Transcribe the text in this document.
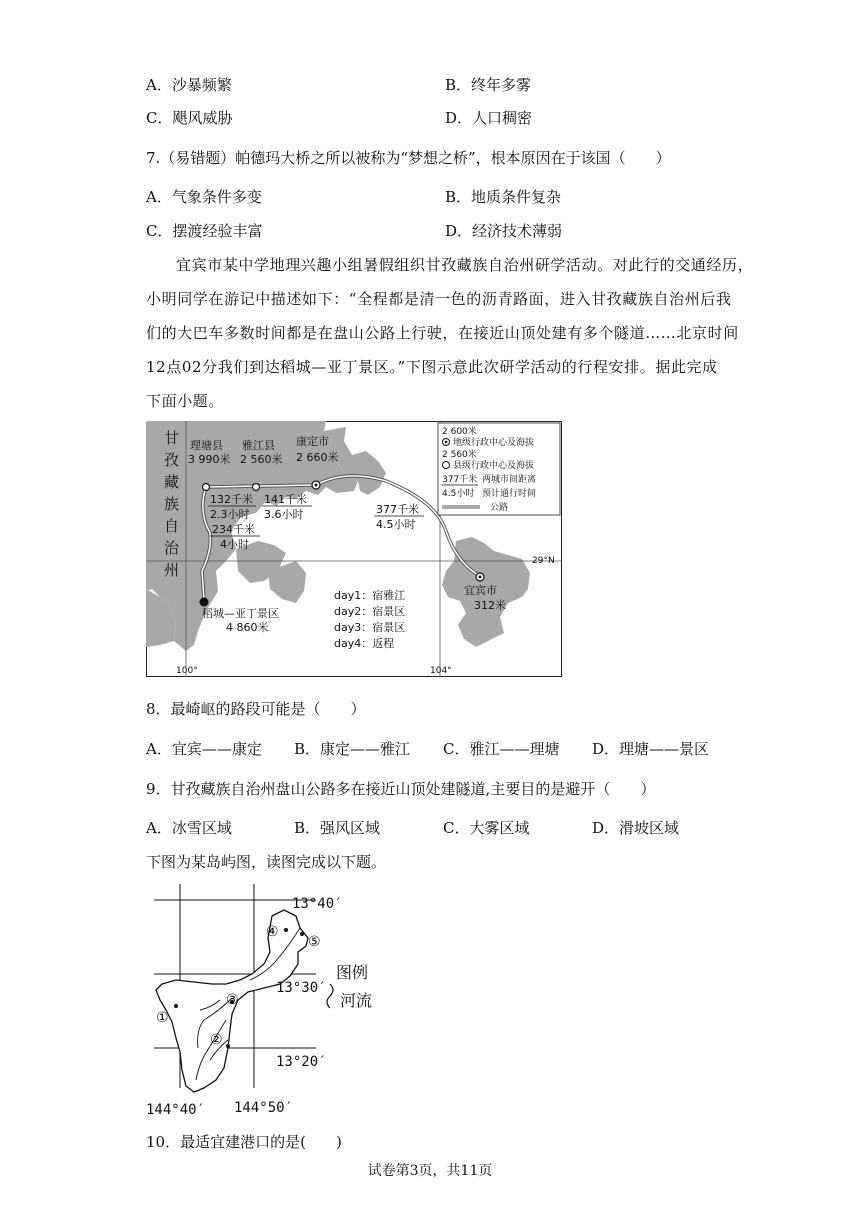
A．沙暴频繁	B．终年多雾
C．飓风威胁	D．人口稠密
7.（易错题）帕德玛大桥之所以被称为“梦想之桥”，根本原因在于该国（　　）
A．气象条件多变	B．地质条件复杂
C．摆渡经验丰富	D．经济技术薄弱
宜宾市某中学地理兴趣小组暑假组织甘孜藏族自治州研学活动。对此行的交通经历，
小明同学在游记中描述如下：“全程都是清一色的沥青路面，进入甘孜藏族自治州后我
们的大巴车多数时间都是在盘山公路上行驶，在接近山顶处建有多个隧道……北京时间
12点02分我们到达稻城—亚丁景区。”下图示意此次研学活动的行程安排。据此完成
下面小题。
甘
孜
藏
族
自
治
州
理塘县
3 990米
雅江县
2 560米
康定市
2 660米
稻城—亚丁景区
4 860米
宜宾市
312米
132千米
2.3小时
141千米
3.6小时
234千米
4小时
377千米
4.5小时
day1：宿雅江
day2：宿景区
day3：宿景区
day4：返程
29°N
100°	104°
2 600米
地级行政中心及海拔
2 560米
县级行政中心及海拔
377千米 两城市间距离
4.5小时 预计通行时间
公路
8．最崎岖的路段可能是（　　）
A．宜宾——康定 B．康定——雅江 C．雅江——理塘 D．理塘——景区
9．甘孜藏族自治州盘山公路多在接近山顶处建隧道,主要目的是避开（　　）
A．冰雪区域	B．强风区域	C．大雾区域	D．滑坡区域
下图为某岛屿图，读图完成以下题。
④
⑤
③
②
①
13°40′
13°30′
13°20′
144°40′ 144°50′
图例
河流
10．最适宜建港口的是(　　)
试卷第3页，共11页
